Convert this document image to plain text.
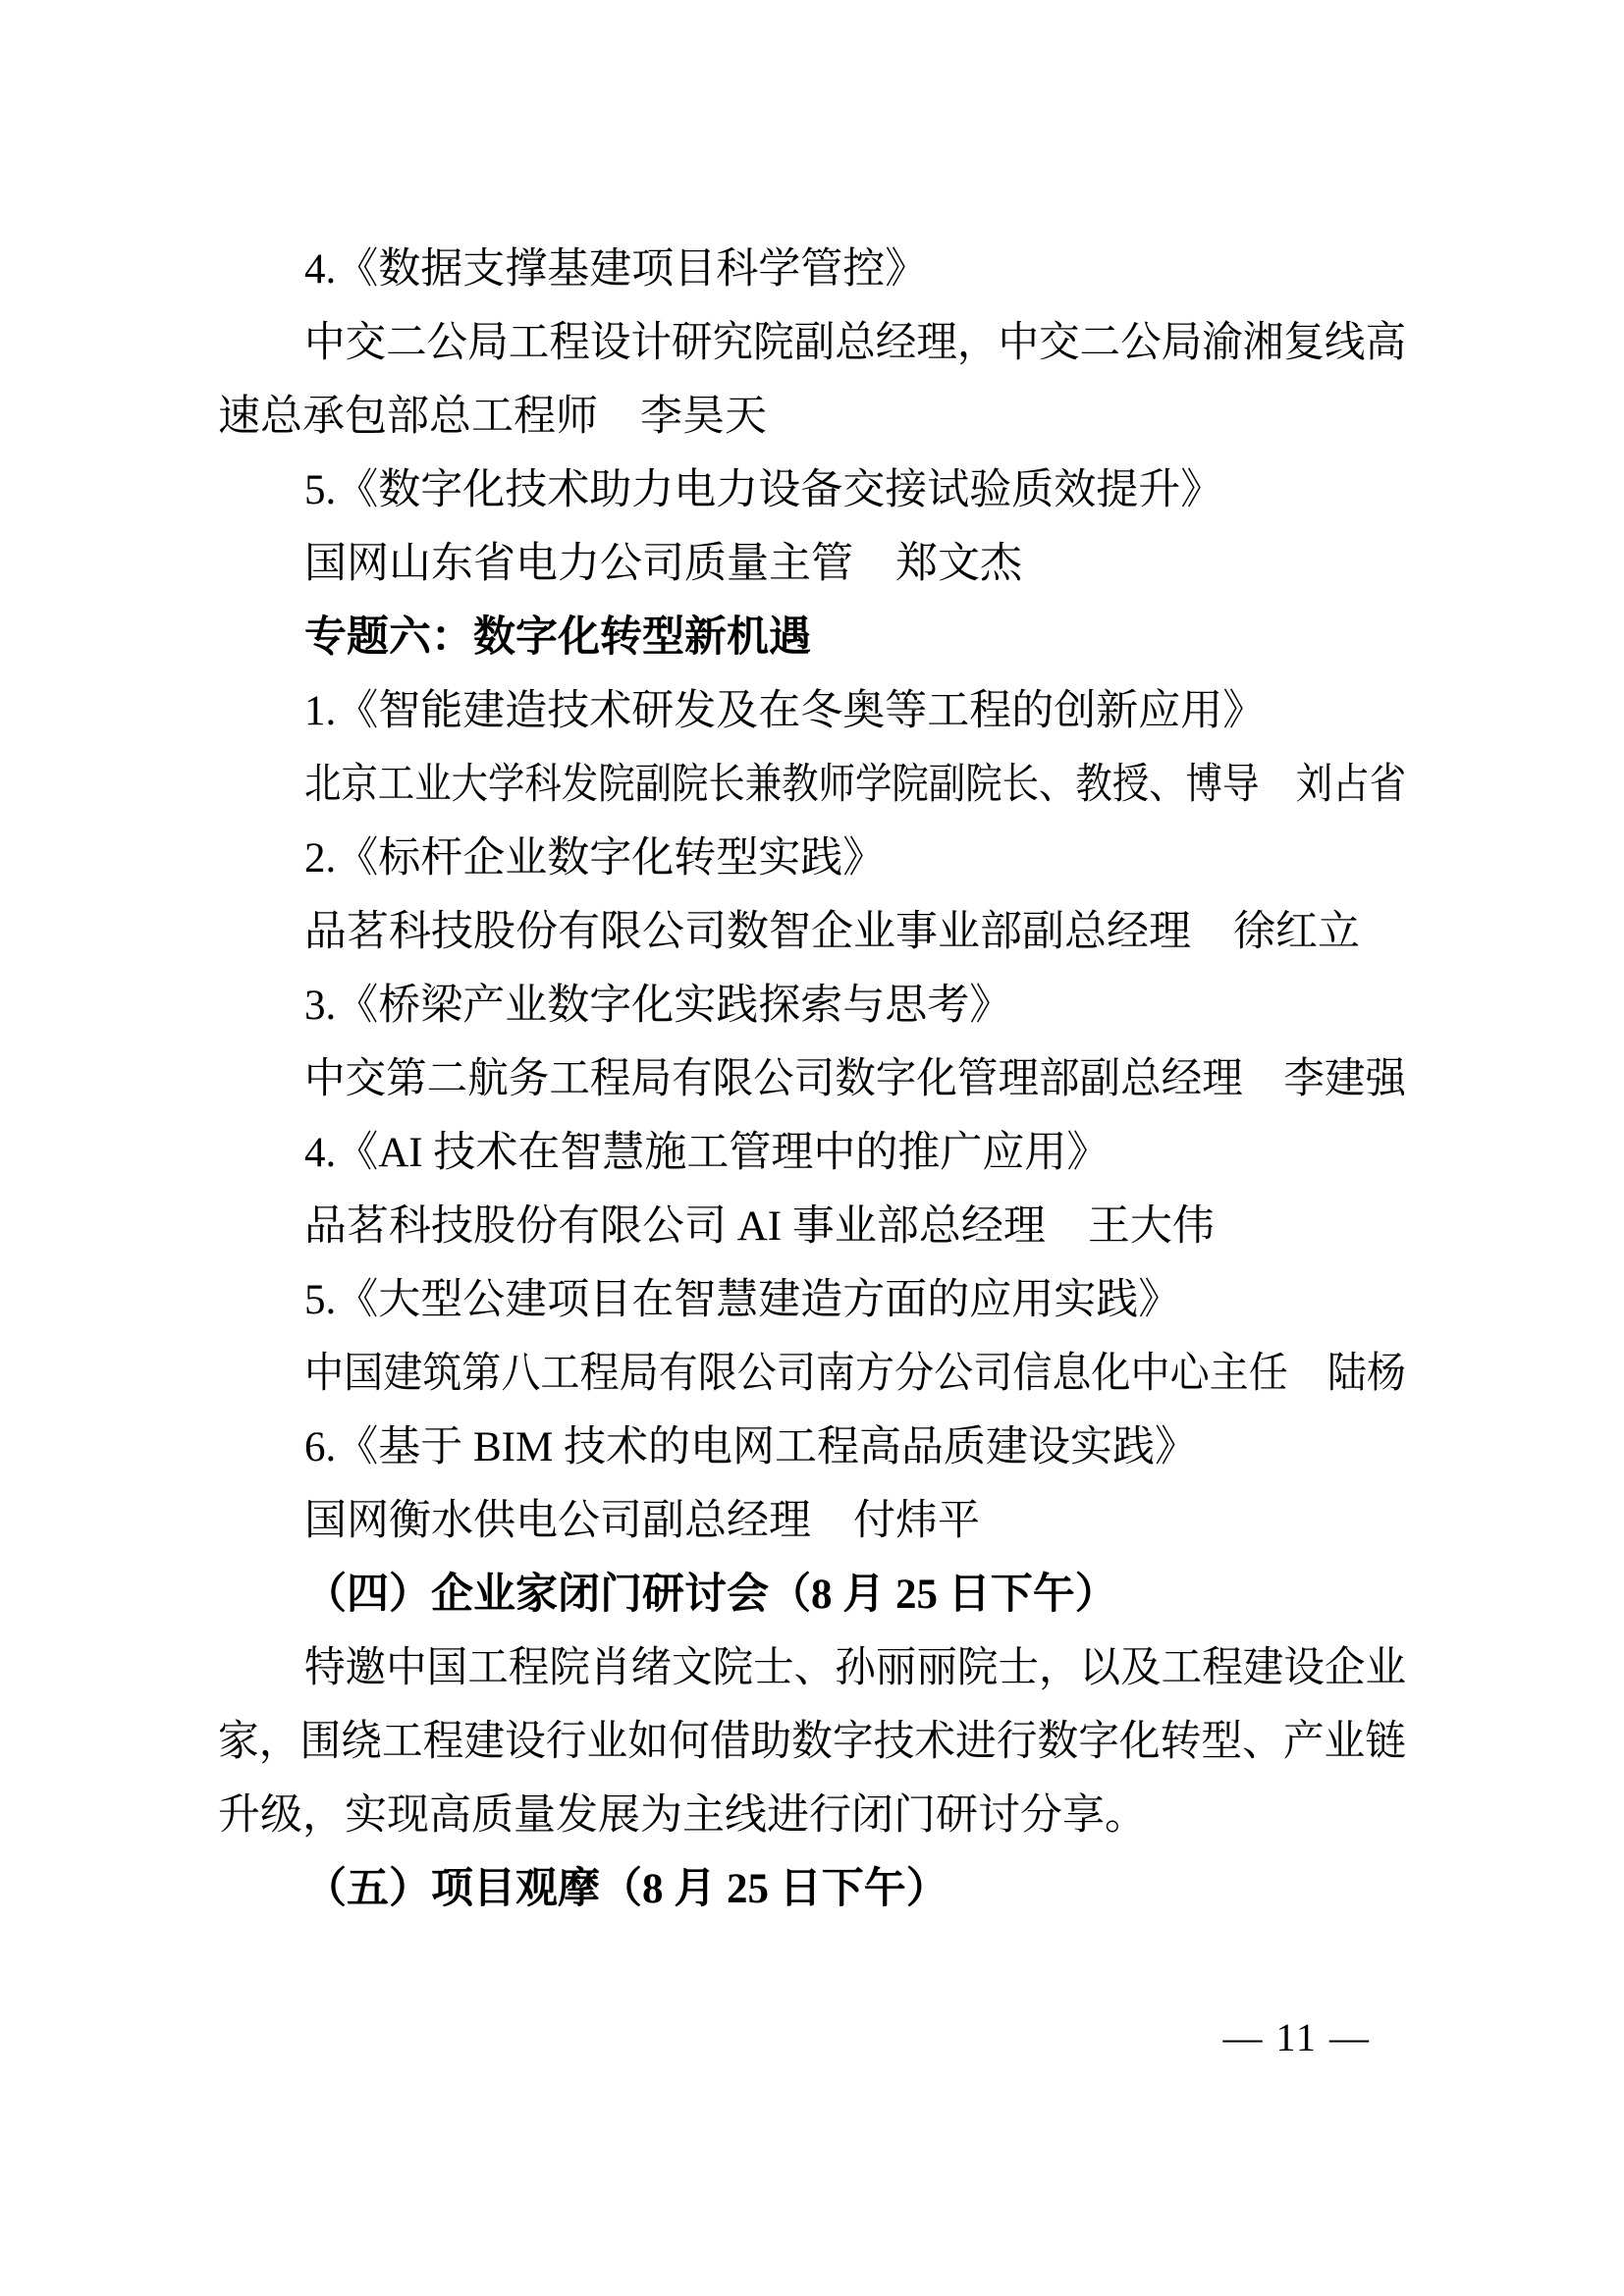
4.《数据支撑基建项目科学管控》
中交二公局工程设计研究院副总经理，中交二公局渝湘复线高
速总承包部总工程师　李昊天
5.《数字化技术助力电力设备交接试验质效提升》
国网山东省电力公司质量主管　郑文杰
专题六：数字化转型新机遇
1.《智能建造技术研发及在冬奥等工程的创新应用》
北京工业大学科发院副院长兼教师学院副院长、教授、博导　刘占省
2.《标杆企业数字化转型实践》
品茗科技股份有限公司数智企业事业部副总经理　徐红立
3.《桥梁产业数字化实践探索与思考》
中交第二航务工程局有限公司数字化管理部副总经理　李建强
4.《AI 技术在智慧施工管理中的推广应用》
品茗科技股份有限公司 AI 事业部总经理　王大伟
5.《大型公建项目在智慧建造方面的应用实践》
中国建筑第八工程局有限公司南方分公司信息化中心主任　陆杨
6.《基于 BIM 技术的电网工程高品质建设实践》
国网衡水供电公司副总经理　付炜平
（四）企业家闭门研讨会（8 月 25 日下午）
特邀中国工程院肖绪文院士、孙丽丽院士，以及工程建设企业
家，围绕工程建设行业如何借助数字技术进行数字化转型、产业链
升级，实现高质量发展为主线进行闭门研讨分享。
（五）项目观摩（8 月 25 日下午）
— 11 —
